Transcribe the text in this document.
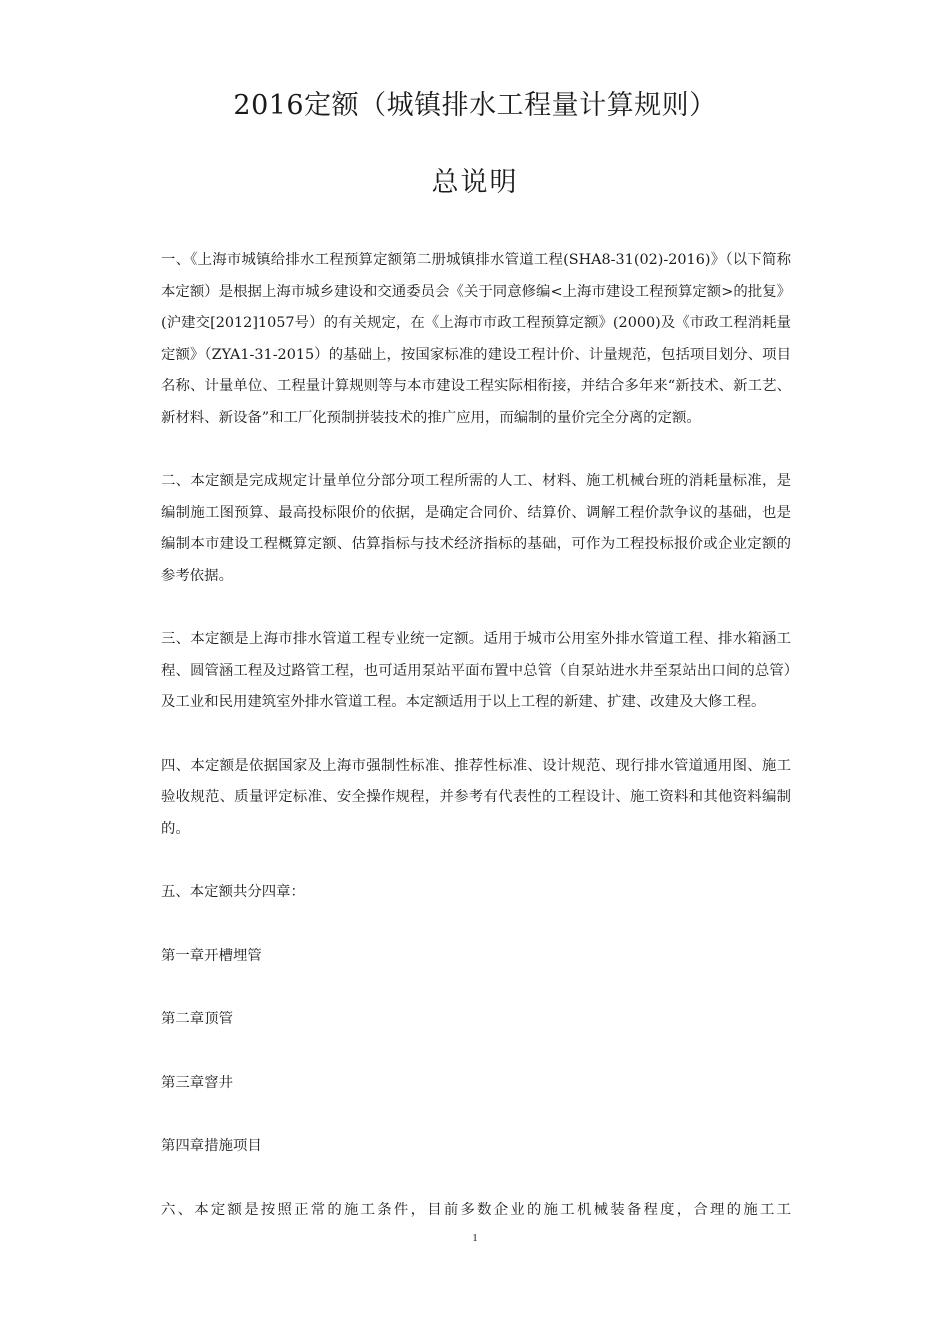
2016定额（城镇排水工程量计算规则）
总说明

一、《上海市城镇给排水工程预算定额第二册城镇排水管道工程(SHA8-31(02)-2016)》（以下简称本定额）是根据上海市城乡建设和交通委员会《关于同意修编<上海市建设工程预算定额>的批复》(沪建交[2012]1057号）的有关规定，在《上海市市政工程预算定额》(2000)及《市政工程消耗量定额》（ZYA1-31-2015）的基础上，按国家标准的建设工程计价、计量规范，包括项目划分、项目名称、计量单位、工程量计算规则等与本市建设工程实际相衔接，并结合多年来“新技术、新工艺、新材料、新设备”和工厂化预制拼装技术的推广应用，而编制的量价完全分离的定额。

二、本定额是完成规定计量单位分部分项工程所需的人工、材料、施工机械台班的消耗量标准，是编制施工图预算、最高投标限价的依据，是确定合同价、结算价、调解工程价款争议的基础，也是编制本市建设工程概算定额、估算指标与技术经济指标的基础，可作为工程投标报价或企业定额的参考依据。

三、本定额是上海市排水管道工程专业统一定额。适用于城市公用室外排水管道工程、排水箱涵工程、圆管涵工程及过路管工程，也可适用泵站平面布置中总管（自泵站进水井至泵站出口间的总管）及工业和民用建筑室外排水管道工程。本定额适用于以上工程的新建、扩建、改建及大修工程。

四、本定额是依据国家及上海市强制性标准、推荐性标准、设计规范、现行排水管道通用图、施工验收规范、质量评定标准、安全操作规程，并参考有代表性的工程设计、施工资料和其他资料编制的。

五、本定额共分四章：

第一章开槽埋管

第二章顶管

第三章窨井

第四章措施项目

六、本定额是按照正常的施工条件，目前多数企业的施工机械装备程度，合理的施工工

1
